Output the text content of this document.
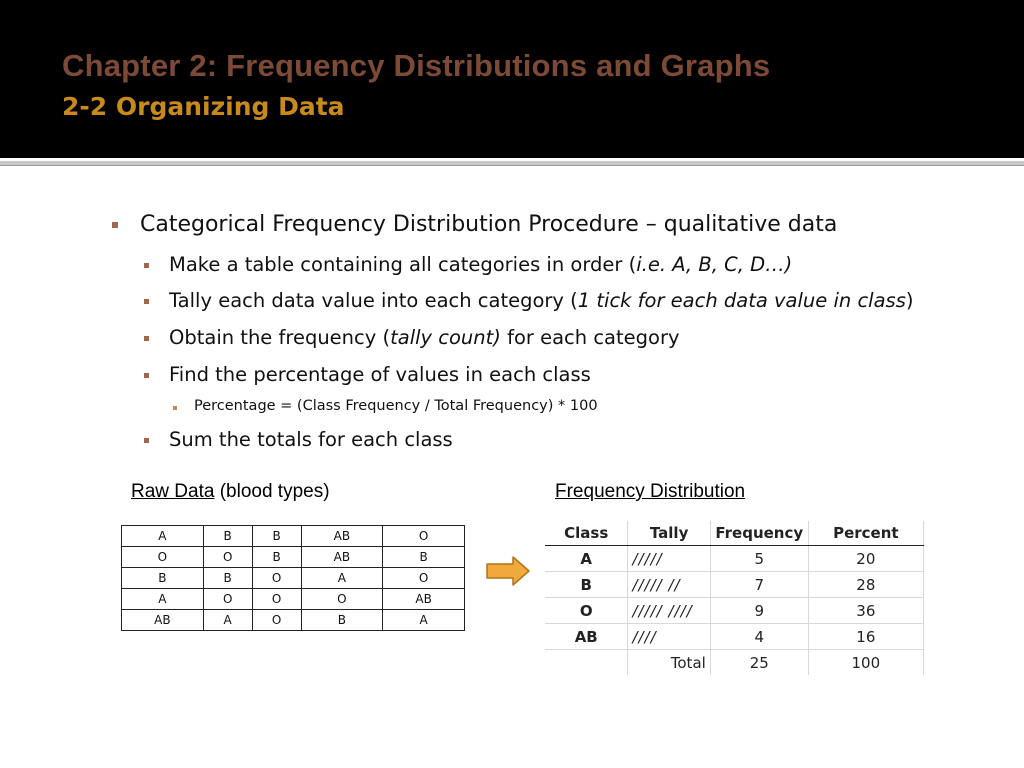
Chapter 2: Frequency Distributions and Graphs
2-2 Organizing Data
Categorical Frequency Distribution Procedure – qualitative data
Make a table containing all categories in order (i.e. A, B, C, D…)
Tally each data value into each category (1 tick for each data value in class)
Obtain the frequency (tally count) for each category
Find the percentage of values in each class
Percentage = (Class Frequency / Total Frequency) * 100
Sum the totals for each class
Raw Data (blood types)	Frequency Distribution
A	B	B	AB	O
O	O	B	AB	B
B	B	O	A	O
A	O	O	O	AB
AB	A	O	B	A
Class	Tally	Frequency	Percent
A	/////	5	20
B	///// //	7	28
O	///// ////	9	36
AB	////	4	16
	Total	25	100
